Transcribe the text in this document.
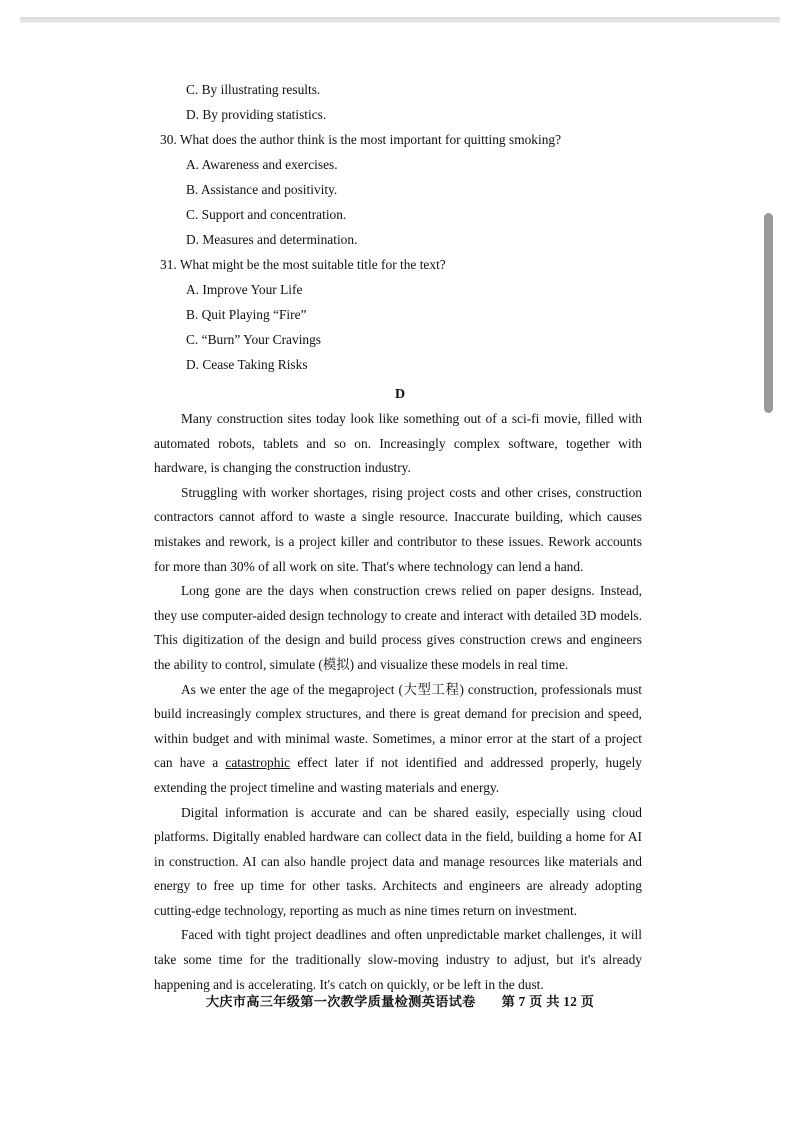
C. By illustrating results.
D. By providing statistics.
30. What does the author think is the most important for quitting smoking?
A. Awareness and exercises.
B. Assistance and positivity.
C. Support and concentration.
D. Measures and determination.
31. What might be the most suitable title for the text?
A. Improve Your Life
B. Quit Playing “Fire”
C. “Burn” Your Cravings
D. Cease Taking Risks
D

Many construction sites today look like something out of a sci-fi movie, filled with automated robots, tablets and so on. Increasingly complex software, together with hardware, is changing the construction industry.

Struggling with worker shortages, rising project costs and other crises, construction contractors cannot afford to waste a single resource. Inaccurate building, which causes mistakes and rework, is a project killer and contributor to these issues. Rework accounts for more than 30% of all work on site. That's where technology can lend a hand.

Long gone are the days when construction crews relied on paper designs. Instead, they use computer-aided design technology to create and interact with detailed 3D models. This digitization of the design and build process gives construction crews and engineers the ability to control, simulate (模拟) and visualize these models in real time.

As we enter the age of the megaproject (大型工程) construction, professionals must build increasingly complex structures, and there is great demand for precision and speed, within budget and with minimal waste. Sometimes, a minor error at the start of a project can have a catastrophic effect later if not identified and addressed properly, hugely extending the project timeline and wasting materials and energy.

Digital information is accurate and can be shared easily, especially using cloud platforms. Digitally enabled hardware can collect data in the field, building a home for AI in construction. AI can also handle project data and manage resources like materials and energy to free up time for other tasks. Architects and engineers are already adopting cutting-edge technology, reporting as much as nine times return on investment.

Faced with tight project deadlines and often unpredictable market challenges, it will take some time for the traditionally slow-moving industry to adjust, but it's already happening and is accelerating. It's catch on quickly, or be left in the dust.

大庆市高三年级第一次教学质量检测英语试卷 第 7 页 共 12 页
